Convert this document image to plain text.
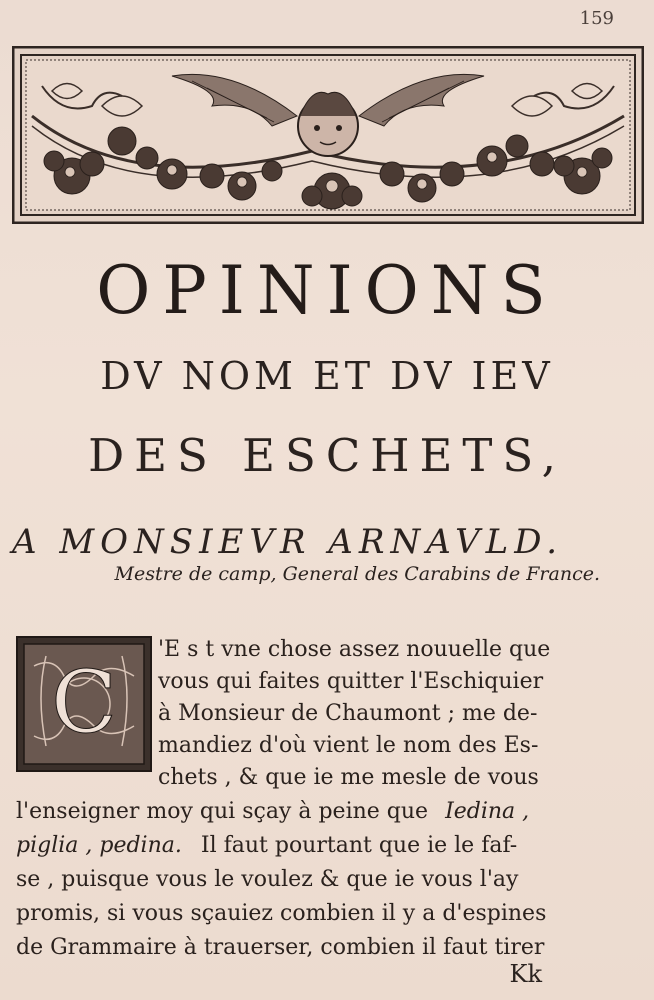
159
OPINIONS
DV NOM ET DV IEV
DES ESCHETS,
A MONSIEVR ARNAVLD.
Mestre de camp, General des Carabins de France.
C
'E s t vne chose assez nouuelle que
vous qui faites quitter l'Eschiquier
à Monsieur de Chaumont ; me de-
mandiez d'où vient le nom des Es-
chets , & que ie me mesle de vous
l'enseigner moy qui sçay à peine que Iedina ,
piglia , pedina. Il faut pourtant que ie le faf-
se , puisque vous le voulez & que ie vous l'ay
promis, si vous sçauiez combien il y a d'espines
de Grammaire à trauerser, combien il faut tirer
Kk
